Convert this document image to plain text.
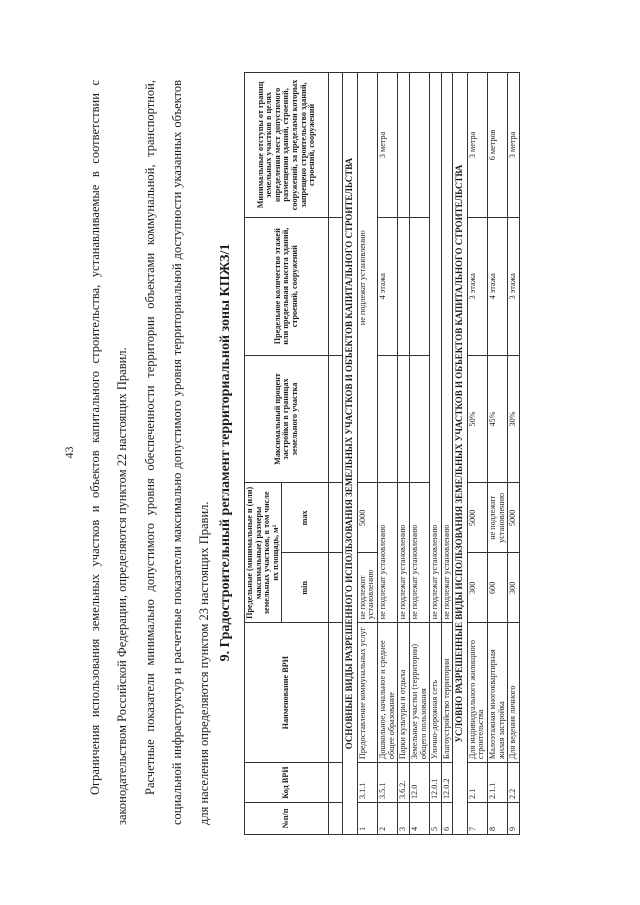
43 Ограничения использования земельных участков и объектов капитального строительства, устанавливаемые в соответствии с законодательством Российской Федерации, определяются пунктом 22 настоящих Правил.	Расчетные показатели минимально допустимого уровня обеспеченности территории объектами коммунальной, транспортной, социальной инфраструктур и расчетные показатели максимально допустимого уровня территориальной доступности указанных объектов для населения определяются пунктом 23 настоящих Правил.

9. Градостроительный регламент территориальной зоны КПЖЗ/1

№п/п	Код ВРИ	Наименование ВРИ	Предельные (минимальные и (или) максимальные) размеры земельных участков, в том числе их площадь, м²		Максимальный процент застройки в границах земельного участка	Предельное количество этажей или предельная высота зданий, строений, сооружений	Минимальные отступы от границ земельных участков в целях определения мест допустимого размещения зданий, строений, сооружений, за пределами которых запрещено строительство зданий, строений, сооружений
			min	max			

ОСНОВНЫЕ ВИДЫ РАЗРЕШЕННОГО ИСПОЛЬЗОВАНИЯ ЗЕМЕЛЬНЫХ УЧАСТКОВ И ОБЪЕКТОВ КАПИТАЛЬНОГО СТРОИТЕЛЬСТВА							
1	3.1.1	Предоставление коммунальных услуг	не подлежит установлению	5000	не подлежат установлению		
2	3.5.1	Дошкольное, начальное и среднее общее образование	не подлежат установлению			4 этажа	3 метра
3	3.6.2.	Парки культуры и отдыха	не подлежат установлению				
4	12.0	Земельные участки (территории) общего пользования	не подлежат установлению				
5	12.0.1	Улично-дорожная сеть	не подлежат установлению				
6	12.0.2	Благоустройство территории	не подлежат установлению				
УСЛОВНО РАЗРЕШЕННЫЕ ВИДЫ ИСПОЛЬЗОВАНИЯ ЗЕМЕЛЬНЫХ УЧАСТКОВ И ОБЪЕКТОВ КАПИТАЛЬНОГО СТРОИТЕЛЬСТВА							
7	2.1	Для индивидуального жилищного строительства	300	5000	50%	3 этажа	3 метра
8	2.1.1	Малоэтажная многоквартирная жилая застройка	600	не подлежит установлению	45%	4 этажа	6 метров
9	2.2	Для ведения личного	300	5000	30%	3 этажа	3 метра
